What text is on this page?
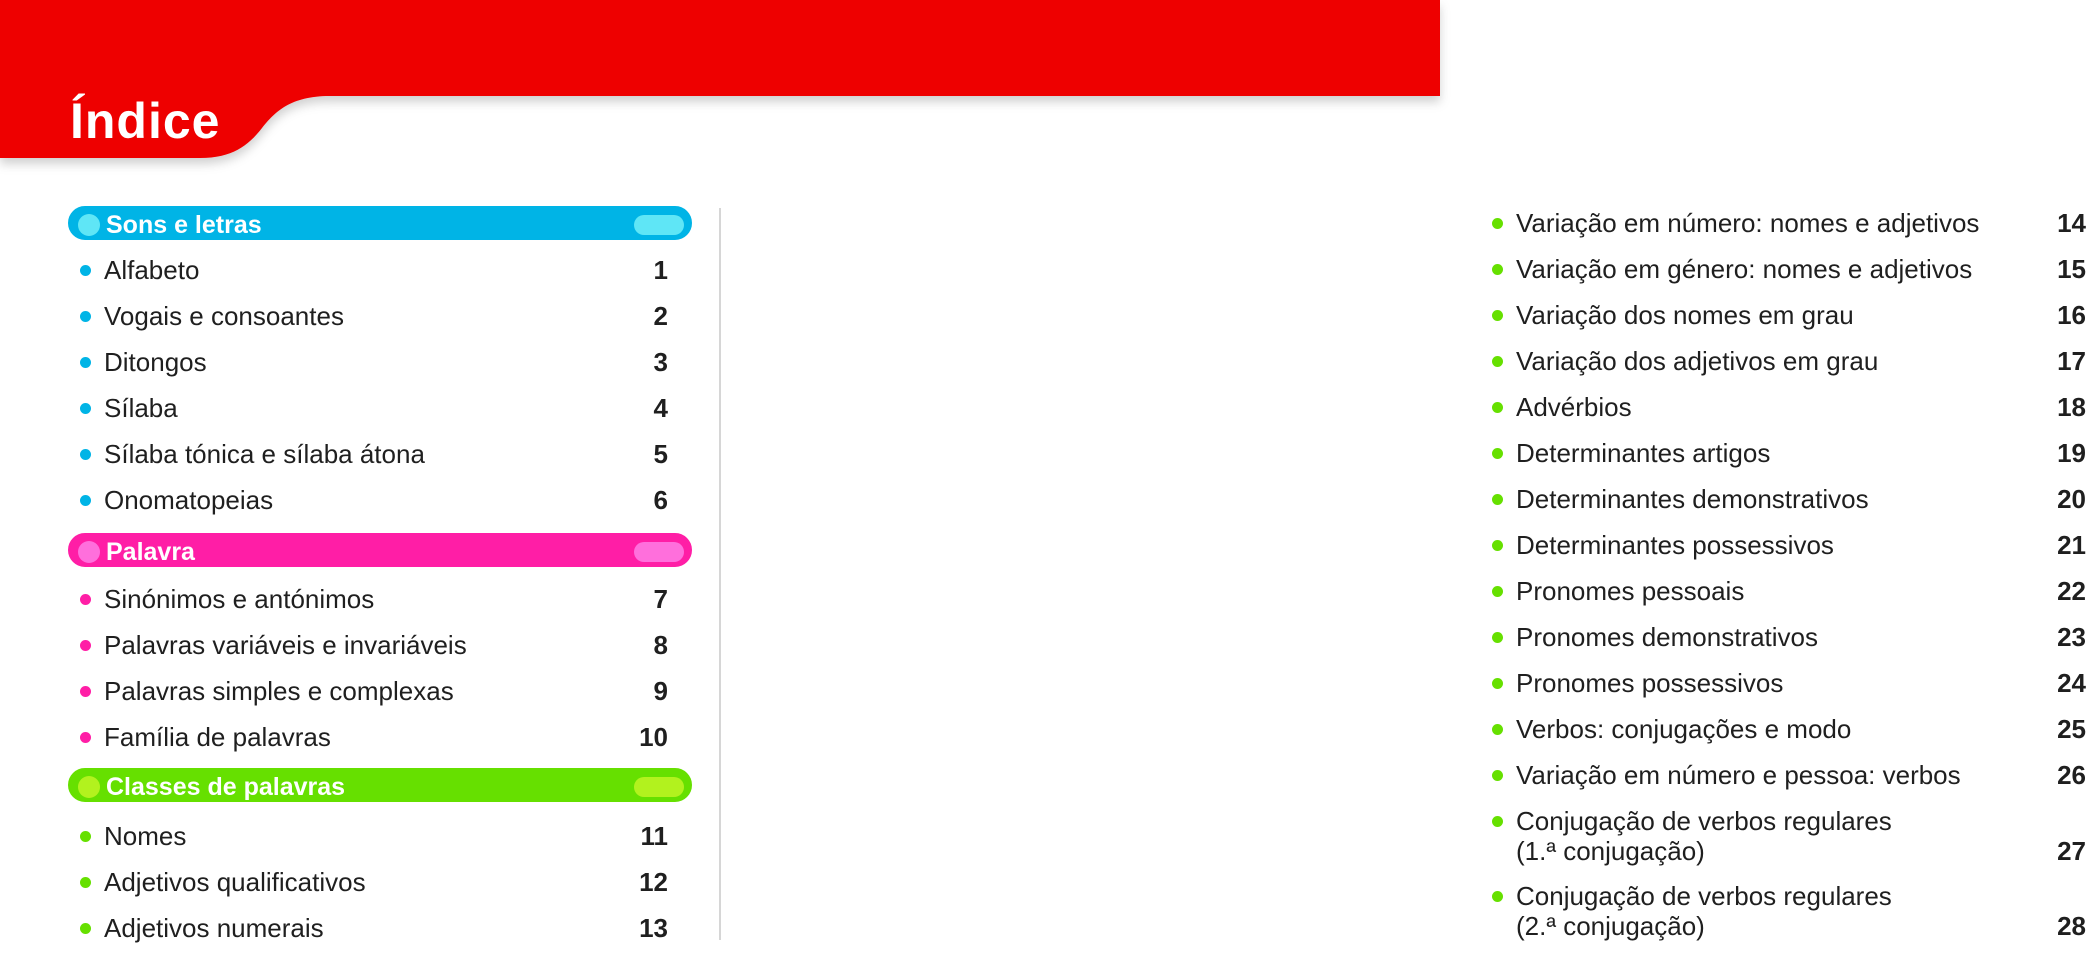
Índice
Sons e letras
Alfabeto	1
Vogais e consoantes	2
Ditongos	3
Sílaba	4
Sílaba tónica e sílaba átona	5
Onomatopeias	6
Palavra
Sinónimos e antónimos	7
Palavras variáveis e invariáveis	8
Palavras simples e complexas	9
Família de palavras	10
Classes de palavras
Nomes	11
Adjetivos qualificativos	12
Adjetivos numerais	13
Variação em número: nomes e adjetivos	14
Variação em género: nomes e adjetivos	15
Variação dos nomes em grau	16
Variação dos adjetivos em grau	17
Advérbios	18
Determinantes artigos	19
Determinantes demonstrativos	20
Determinantes possessivos	21
Pronomes pessoais	22
Pronomes demonstrativos	23
Pronomes possessivos	24
Verbos: conjugações e modo	25
Variação em número e pessoa: verbos	26
Conjugação de verbos regulares
(1.ª conjugação)	27
Conjugação de verbos regulares
(2.ª conjugação)	28
